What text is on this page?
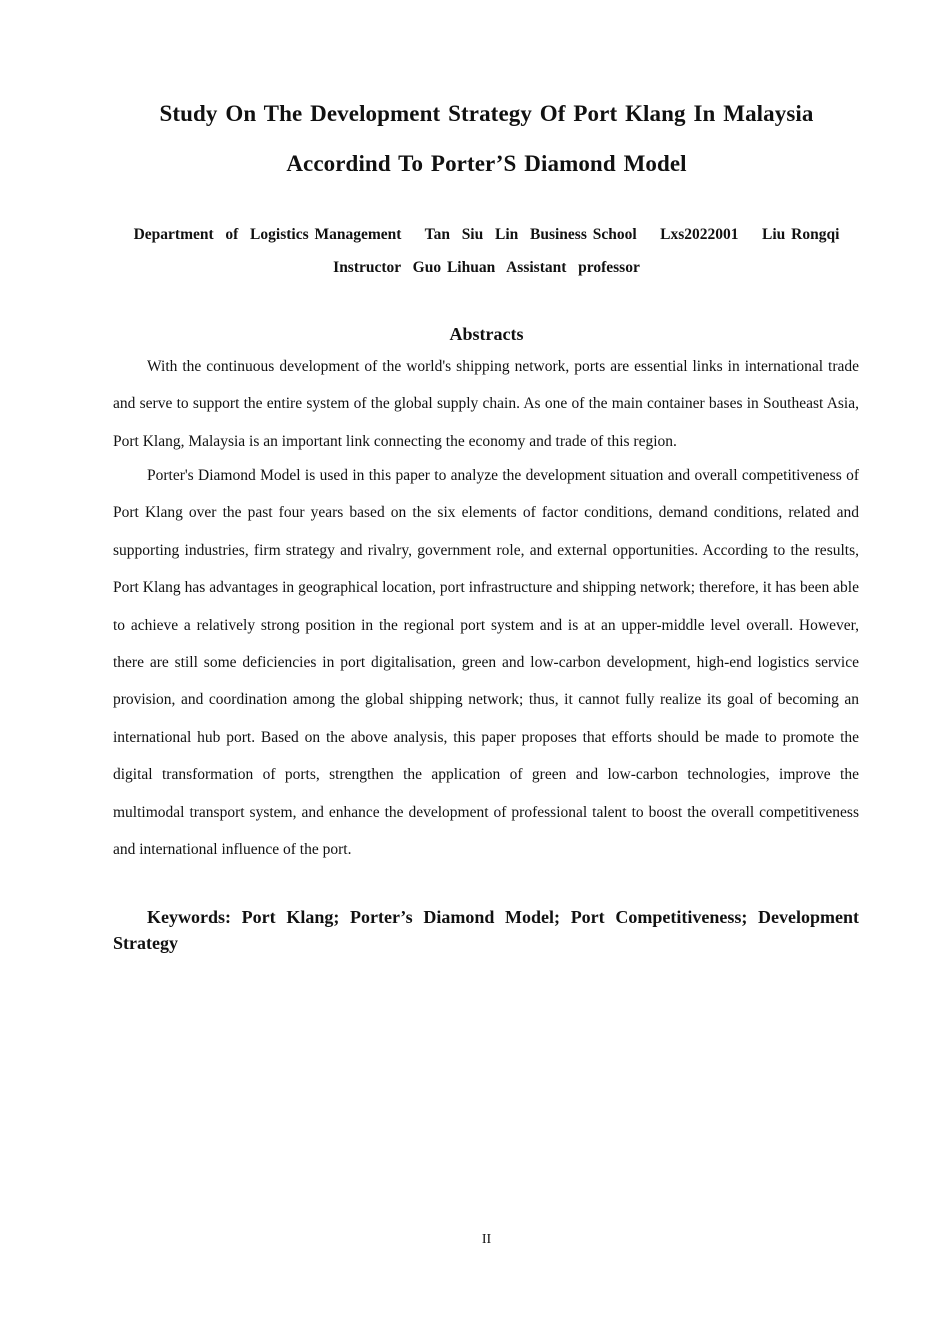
Study On The Development Strategy Of Port Klang In Malaysia
Accordind To Porter’S Diamond Model
Department  of  Logistics Management    Tan  Siu  Lin  Business School    Lxs2022001    Liu Rongqi
Instructor  Guo Lihuan  Assistant  professor
Abstracts

With the continuous development of the world's shipping network, ports are essential links in international trade and serve to support the entire system of the global supply chain. As one of the main container bases in Southeast Asia, Port Klang, Malaysia is an important link connecting the economy and trade of this region.

Porter's Diamond Model is used in this paper to analyze the development situation and overall competitiveness of Port Klang over the past four years based on the six elements of factor conditions, demand conditions, related and supporting industries, firm strategy and rivalry, government role, and external opportunities. According to the results, Port Klang has advantages in geographical location, port infrastructure and shipping network; therefore, it has been able to achieve a relatively strong position in the regional port system and is at an upper-middle level overall. However, there are still some deficiencies in port digitalisation, green and low-carbon development, high-end logistics service provision, and coordination among the global shipping network; thus, it cannot fully realize its goal of becoming an international hub port. Based on the above analysis, this paper proposes that efforts should be made to promote the digital transformation of ports, strengthen the application of green and low-carbon technologies, improve the multimodal transport system, and enhance the development of professional talent to boost the overall competitiveness and international influence of the port.

Keywords: Port Klang; Porter’s Diamond Model; Port Competitiveness; Development Strategy

II
